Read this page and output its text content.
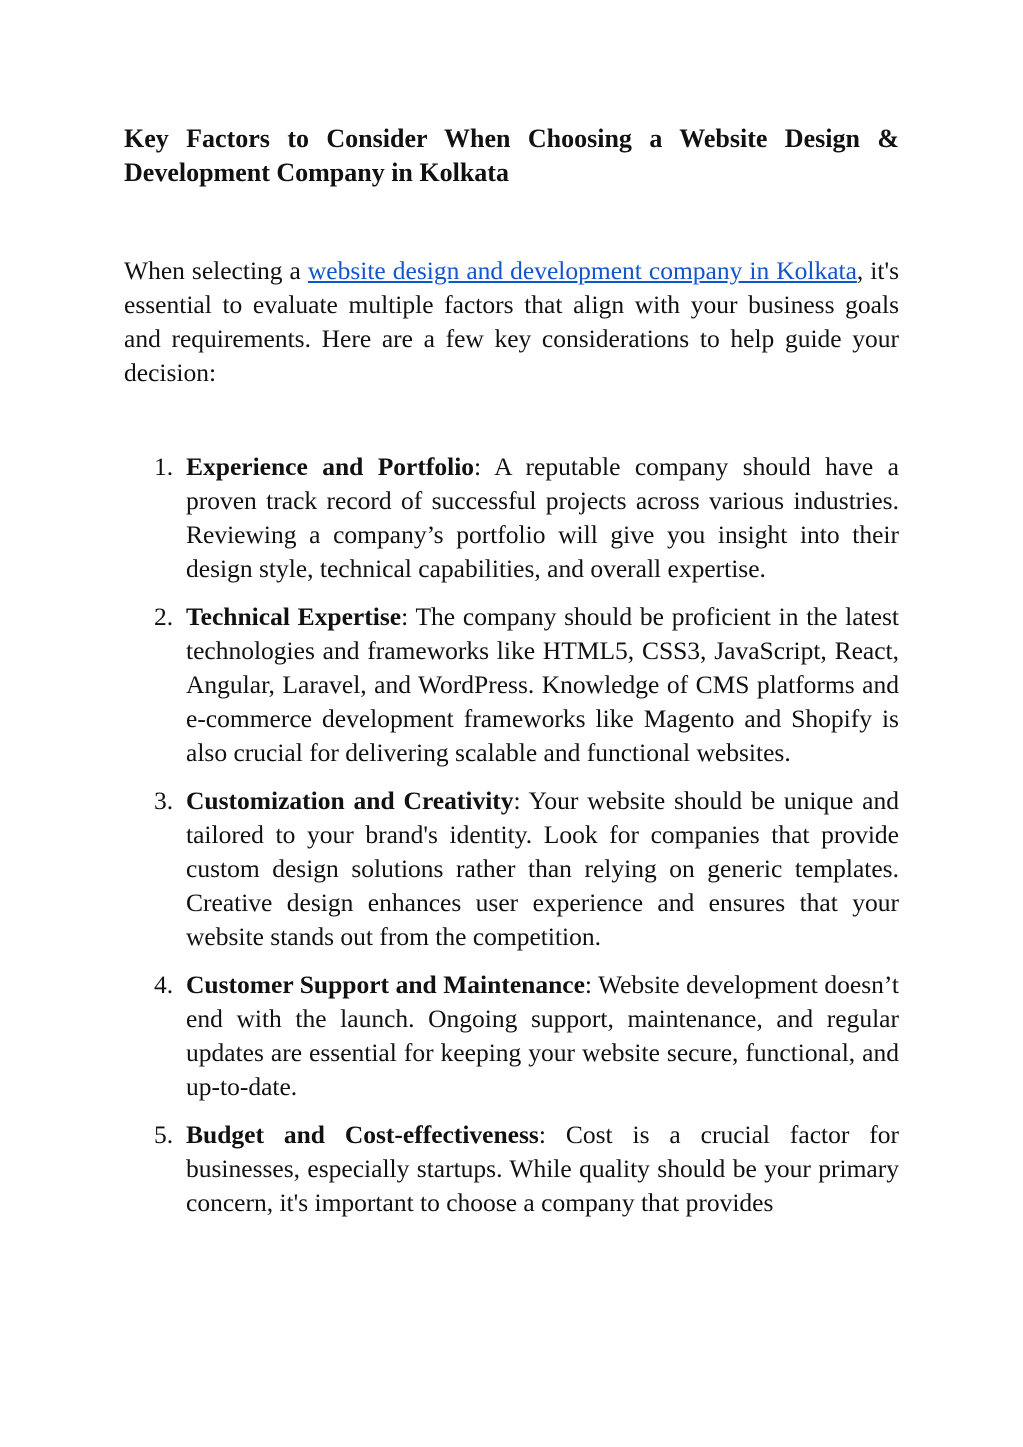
Key Factors to Consider When Choosing a Website Design & Development Company in Kolkata

When selecting a website design and development company in Kolkata, it's essential to evaluate multiple factors that align with your business goals and requirements. Here are a few key considerations to help guide your decision:

1. Experience and Portfolio: A reputable company should have a proven track record of successful projects across various industries. Reviewing a company’s portfolio will give you insight into their design style, technical capabilities, and overall expertise.
2. Technical Expertise: The company should be proficient in the latest technologies and frameworks like HTML5, CSS3, JavaScript, React, Angular, Laravel, and WordPress. Knowledge of CMS platforms and e-commerce development frameworks like Magento and Shopify is also crucial for delivering scalable and functional websites.
3. Customization and Creativity: Your website should be unique and tailored to your brand's identity. Look for companies that provide custom design solutions rather than relying on generic templates. Creative design enhances user experience and ensures that your website stands out from the competition.
4. Customer Support and Maintenance: Website development doesn’t end with the launch. Ongoing support, maintenance, and regular updates are essential for keeping your website secure, functional, and up-to-date.
5. Budget and Cost-effectiveness: Cost is a crucial factor for businesses, especially startups. While quality should be your primary concern, it's important to choose a company that provides
